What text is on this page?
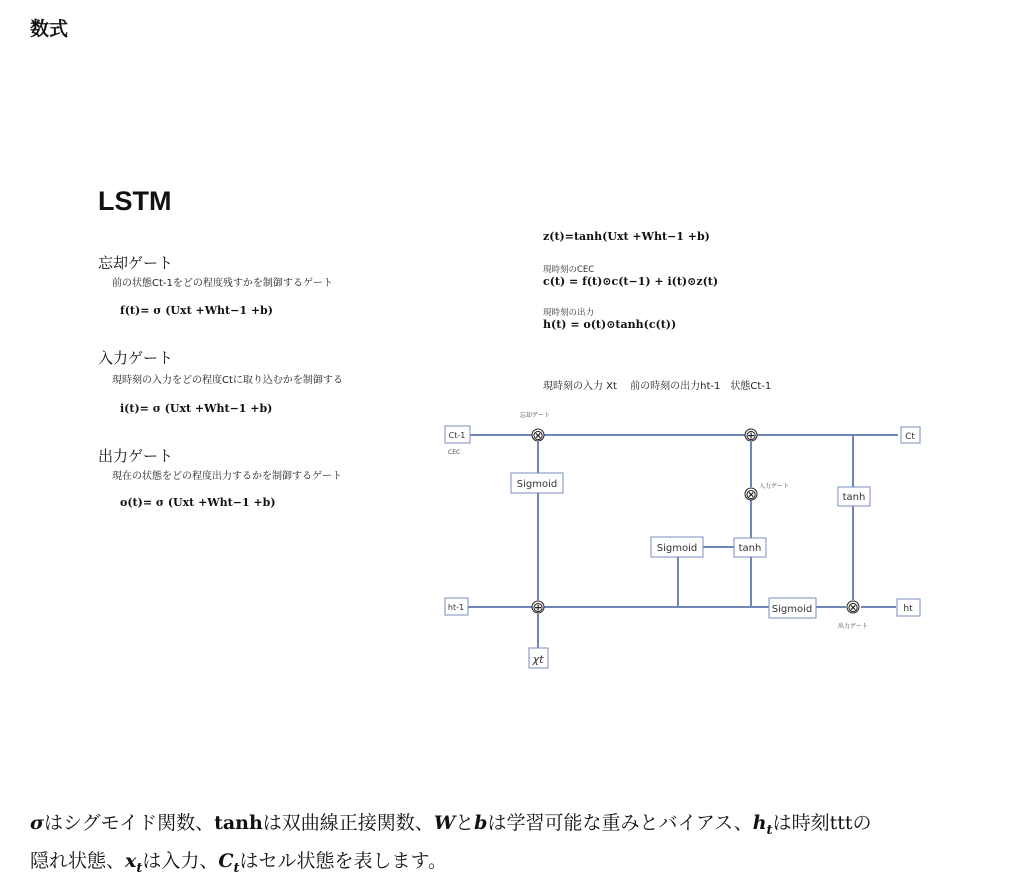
数式
LSTM
忘却ゲート
前の状態Ct-1をどの程度残すかを制御するゲート
f(t)= σ (Uxt +Wht−1 +b)
入力ゲート
現時刻の入力をどの程度Ctに取り込むかを制御する
i(t)= σ (Uxt +Wht−1 +b)
出力ゲート
現在の状態をどの程度出力するかを制御するゲート
o(t)= σ (Uxt +Wht−1 +b)
z(t)=tanh(Uxt +Wht−1 +b)
現時刻のCEC
c(t) = f(t)⊙c(t−1) + i(t)⊙z(t)
現時刻の出力
h(t) = o(t)⊙tanh(c(t))
現時刻の入力 Xt　 前の時刻の出力ht-1　状態Ct-1
Ct-1	Ct
ht-1	ht
χt
Sigmoid
Sigmoid	tanh
tanh
Sigmoid
⊗	⊕
⊗
⊕	⊗
忘却ゲート
CEC
入力ゲート
出力ゲート
σはシグモイド関数、tanhは双曲線正接関数、Wとbは学習可能な重みとバイアス、$h_t$は時刻tttの
隠れ状態、$x_t$は入力、$C_t$はセル状態を表します。
